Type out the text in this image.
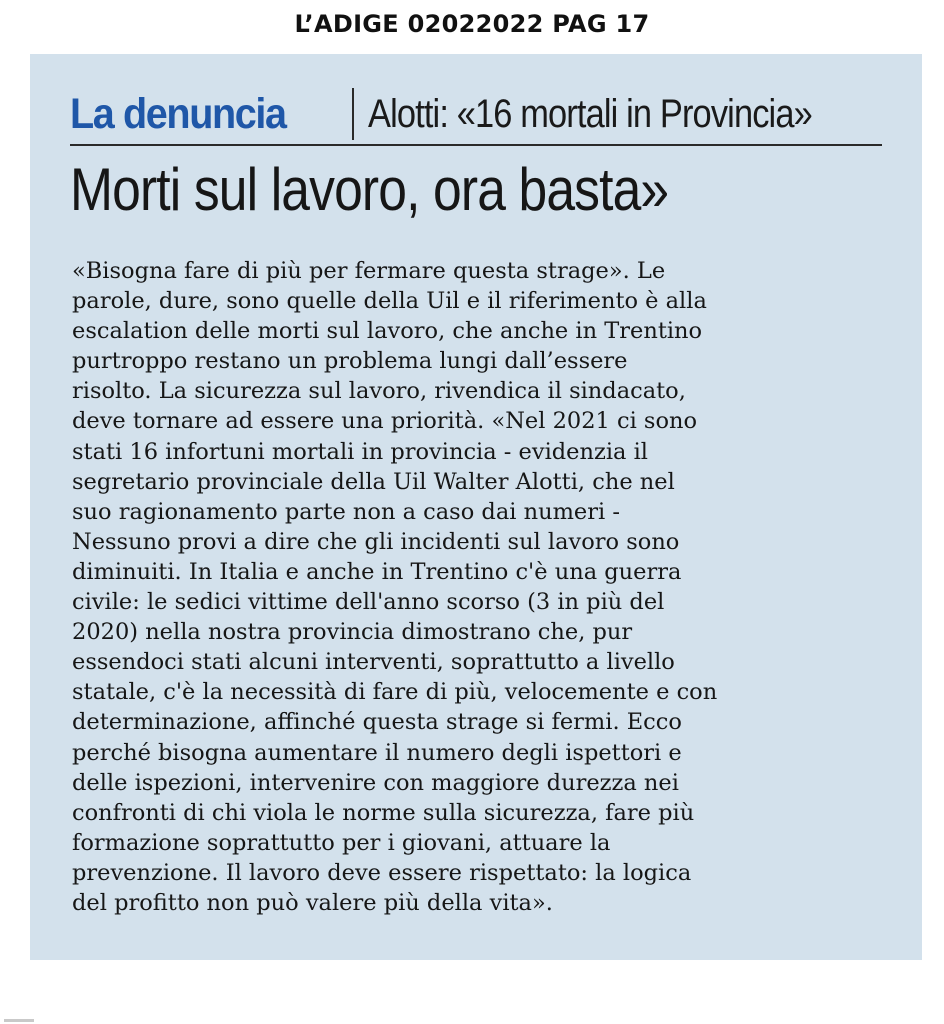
L’ADIGE 02022022 PAG 17
La denuncia Alotti: «16 mortali in Provincia»
Morti sul lavoro, ora basta»

«Bisogna fare di più per fermare questa strage». Le
parole, dure, sono quelle della Uil e il riferimento è alla
escalation delle morti sul lavoro, che anche in Trentino
purtroppo restano un problema lungi dall’essere
risolto. La sicurezza sul lavoro, rivendica il sindacato,
deve tornare ad essere una priorità. «Nel 2021 ci sono
stati 16 infortuni mortali in provincia - evidenzia il
segretario provinciale della Uil Walter Alotti, che nel
suo ragionamento parte non a caso dai numeri -
Nessuno provi a dire che gli incidenti sul lavoro sono
diminuiti. In Italia e anche in Trentino c'è una guerra
civile: le sedici vittime dell'anno scorso (3 in più del
2020) nella nostra provincia dimostrano che, pur
essendoci stati alcuni interventi, soprattutto a livello
statale, c'è la necessità di fare di più, velocemente e con
determinazione, affinché questa strage si fermi. Ecco
perché bisogna aumentare il numero degli ispettori e
delle ispezioni, intervenire con maggiore durezza nei
confronti di chi viola le norme sulla sicurezza, fare più
formazione soprattutto per i giovani, attuare la
prevenzione. Il lavoro deve essere rispettato: la logica
del profitto non può valere più della vita».
